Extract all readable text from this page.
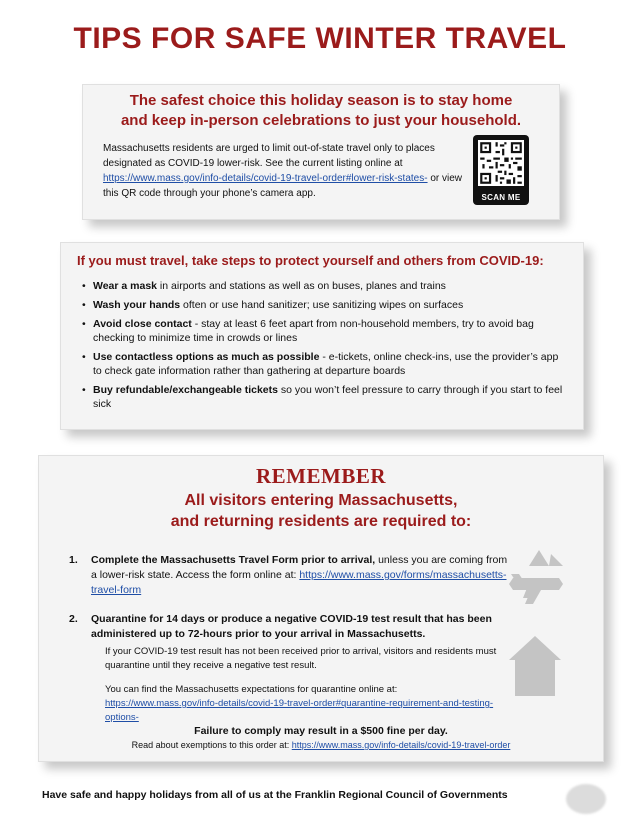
TIPS FOR SAFE WINTER TRAVEL
The safest choice this holiday season is to stay home
and keep in-person celebrations to just your household.
Massachusetts residents are urged to limit out-of-state travel only to places designated as COVID-19 lower-risk. See the current listing online at https://www.mass.gov/info-details/covid-19-travel-order#lower-risk-states- or view this QR code through your phone’s camera app.	SCAN ME
If you must travel, take steps to protect yourself and others from COVID-19:
• Wear a mask in airports and stations as well as on buses, planes and trains
• Wash your hands often or use hand sanitizer; use sanitizing wipes on surfaces
• Avoid close contact - stay at least 6 feet apart from non-household members, try to avoid bag checking to minimize time in crowds or lines
• Use contactless options as much as possible - e-tickets, online check-ins, use the provider’s app to check gate information rather than gathering at departure boards
• Buy refundable/exchangeable tickets so you won’t feel pressure to carry through if you start to feel sick
REMEMBER
All visitors entering Massachusetts,
and returning residents are required to:
1. Complete the Massachusetts Travel Form prior to arrival, unless you are coming from a lower-risk state. Access the form online at: https://www.mass.gov/forms/massachusetts-travel-form
2. Quarantine for 14 days or produce a negative COVID-19 test result that has been administered up to 72-hours prior to your arrival in Massachusetts.
If your COVID-19 test result has not been received prior to arrival, visitors and residents must quarantine until they receive a negative test result.
You can find the Massachusetts expectations for quarantine online at: https://www.mass.gov/info-details/covid-19-travel-order#quarantine-requirement-and-testing-options-
Failure to comply may result in a $500 fine per day.
Read about exemptions to this order at: https://www.mass.gov/info-details/covid-19-travel-order
Have safe and happy holidays from all of us at the Franklin Regional Council of Governments
